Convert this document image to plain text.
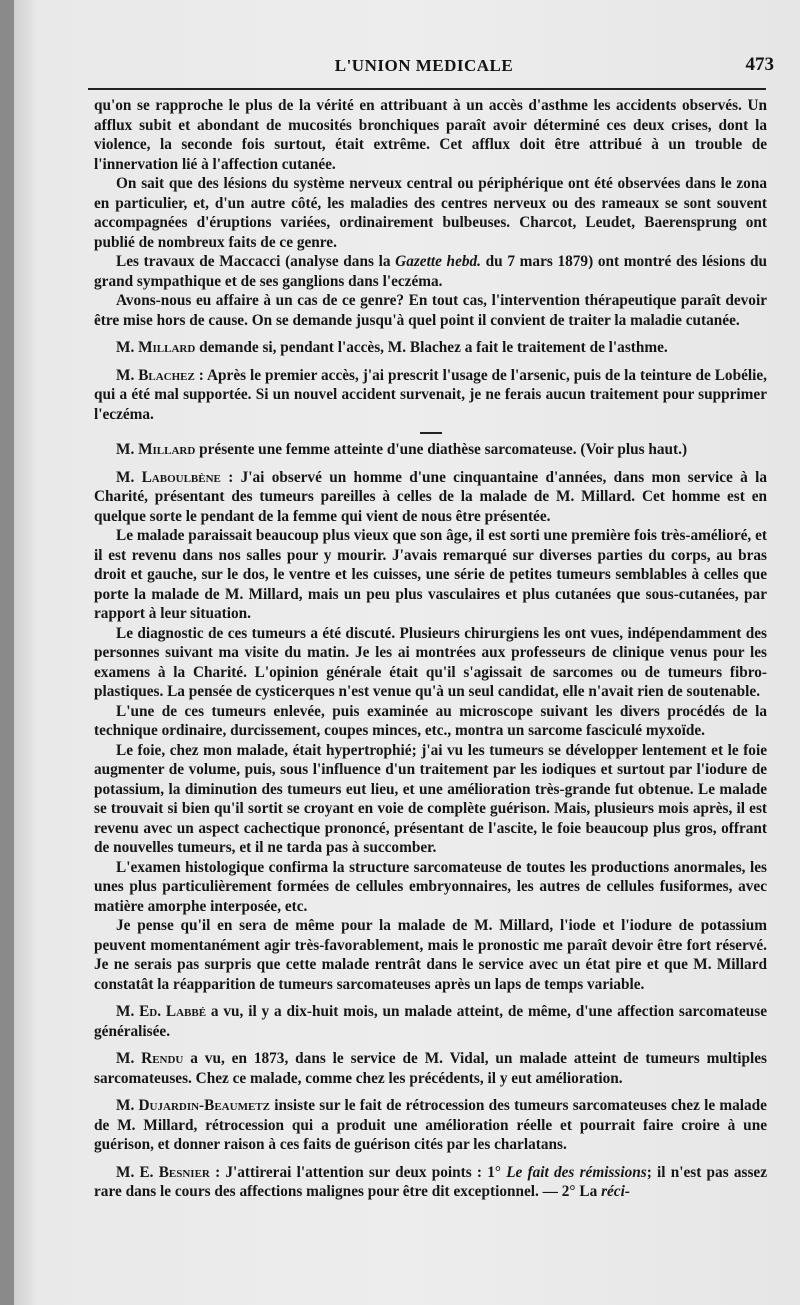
L'UNION MEDICALE	473

qu'on se rapproche le plus de la vérité en attribuant à un accès d'asthme les accidents observés. Un afflux subit et abondant de mucosités bronchiques paraît avoir déterminé ces deux crises, dont la violence, la seconde fois surtout, était extrême. Cet afflux doit être attribué à un trouble de l'innervation lié à l'affection cutanée.

On sait que des lésions du système nerveux central ou périphérique ont été observées dans le zona en particulier, et, d'un autre côté, les maladies des centres nerveux ou des rameaux se sont souvent accompagnées d'éruptions variées, ordinairement bulbeuses. Charcot, Leudet, Baerensprung ont publié de nombreux faits de ce genre.

Les travaux de Maccacci (analyse dans la Gazette hebd. du 7 mars 1879) ont montré des lésions du grand sympathique et de ses ganglions dans l'eczéma.

Avons-nous eu affaire à un cas de ce genre? En tout cas, l'intervention thérapeutique paraît devoir être mise hors de cause. On se demande jusqu'à quel point il convient de traiter la maladie cutanée.

M. Millard demande si, pendant l'accès, M. Blachez a fait le traitement de l'asthme.

M. Blachez : Après le premier accès, j'ai prescrit l'usage de l'arsenic, puis de la teinture de Lobélie, qui a été mal supportée. Si un nouvel accident survenait, je ne ferais aucun traitement pour supprimer l'eczéma.

M. Millard présente une femme atteinte d'une diathèse sarcomateuse. (Voir plus haut.)

M. Laboulbène : J'ai observé un homme d'une cinquantaine d'années, dans mon service à la Charité, présentant des tumeurs pareilles à celles de la malade de M. Millard. Cet homme est en quelque sorte le pendant de la femme qui vient de nous être présentée.

Le malade paraissait beaucoup plus vieux que son âge, il est sorti une première fois très-amélioré, et il est revenu dans nos salles pour y mourir. J'avais remarqué sur diverses parties du corps, au bras droit et gauche, sur le dos, le ventre et les cuisses, une série de petites tumeurs semblables à celles que porte la malade de M. Millard, mais un peu plus vasculaires et plus cutanées que sous-cutanées, par rapport à leur situation.

Le diagnostic de ces tumeurs a été discuté. Plusieurs chirurgiens les ont vues, indépendamment des personnes suivant ma visite du matin. Je les ai montrées aux professeurs de clinique venus pour les examens à la Charité. L'opinion générale était qu'il s'agissait de sarcomes ou de tumeurs fibro-plastiques. La pensée de cysticerques n'est venue qu'à un seul candidat, elle n'avait rien de soutenable.

L'une de ces tumeurs enlevée, puis examinée au microscope suivant les divers procédés de la technique ordinaire, durcissement, coupes minces, etc., montra un sarcome fasciculé myxoïde.

Le foie, chez mon malade, était hypertrophié; j'ai vu les tumeurs se développer lentement et le foie augmenter de volume, puis, sous l'influence d'un traitement par les iodiques et surtout par l'iodure de potassium, la diminution des tumeurs eut lieu, et une amélioration très-grande fut obtenue. Le malade se trouvait si bien qu'il sortit se croyant en voie de complète guérison. Mais, plusieurs mois après, il est revenu avec un aspect cachectique prononcé, présentant de l'ascite, le foie beaucoup plus gros, offrant de nouvelles tumeurs, et il ne tarda pas à succomber.

L'examen histologique confirma la structure sarcomateuse de toutes les productions anormales, les unes plus particulièrement formées de cellules embryonnaires, les autres de cellules fusiformes, avec matière amorphe interposée, etc.

Je pense qu'il en sera de même pour la malade de M. Millard, l'iode et l'iodure de potassium peuvent momentanément agir très-favorablement, mais le pronostic me paraît devoir être fort réservé. Je ne serais pas surpris que cette malade rentrât dans le service avec un état pire et que M. Millard constatât la réapparition de tumeurs sarcomateuses après un laps de temps variable.

M. Ed. Labbé a vu, il y a dix-huit mois, un malade atteint, de même, d'une affection sarcomateuse généralisée.

M. Rendu a vu, en 1873, dans le service de M. Vidal, un malade atteint de tumeurs multiples sarcomateuses. Chez ce malade, comme chez les précédents, il y eut amélioration.

M. Dujardin-Beaumetz insiste sur le fait de rétrocession des tumeurs sarcomateuses chez le malade de M. Millard, rétrocession qui a produit une amélioration réelle et pourrait faire croire à une guérison, et donner raison à ces faits de guérison cités par les charlatans.

M. E. Besnier : J'attirerai l'attention sur deux points : 1° Le fait des rémissions; il n'est pas assez rare dans le cours des affections malignes pour être dit exceptionnel. — 2° La réci-
